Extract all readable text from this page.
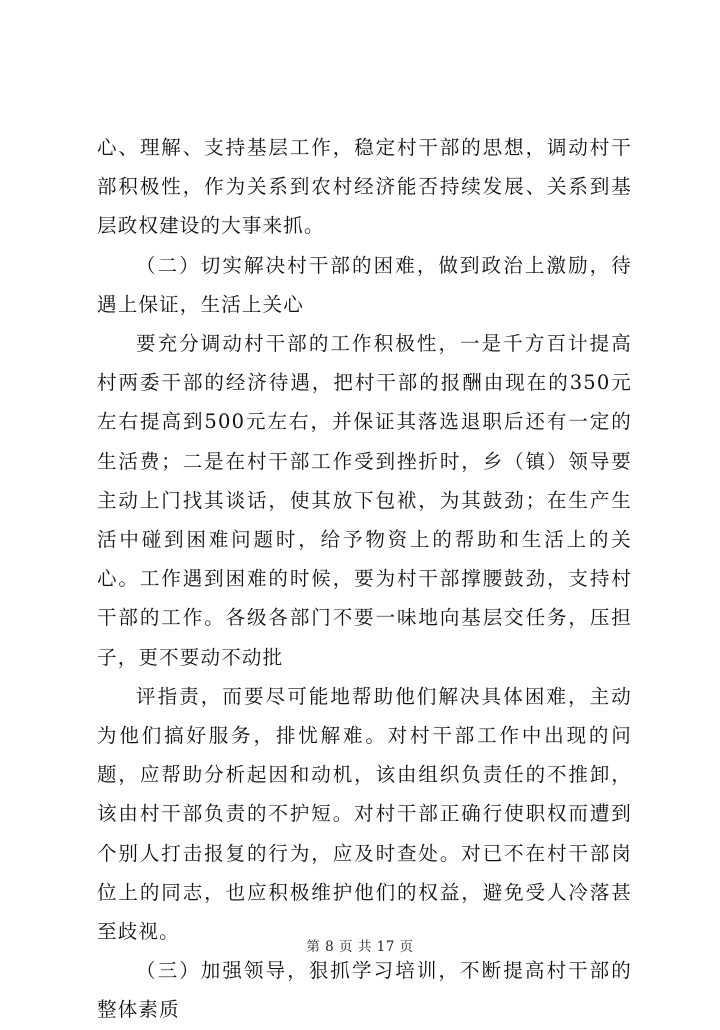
心、理解、支持基层工作，稳定村干部的思想，调动村干部积极性，作为关系到农村经济能否持续发展、关系到基层政权建设的大事来抓。

（二）切实解决村干部的困难，做到政治上激励，待遇上保证，生活上关心

要充分调动村干部的工作积极性，一是千方百计提高村两委干部的经济待遇，把村干部的报酬由现在的350元左右提高到500元左右，并保证其落选退职后还有一定的生活费；二是在村干部工作受到挫折时，乡（镇）领导要主动上门找其谈话，使其放下包袱，为其鼓劲；在生产生活中碰到困难问题时，给予物资上的帮助和生活上的关心。工作遇到困难的时候，要为村干部撑腰鼓劲，支持村干部的工作。各级各部门不要一味地向基层交任务，压担子，更不要动不动批

评指责，而要尽可能地帮助他们解决具体困难，主动为他们搞好服务，排忧解难。对村干部工作中出现的问题，应帮助分析起因和动机，该由组织负责任的不推卸，该由村干部负责的不护短。对村干部正确行使职权而遭到个别人打击报复的行为，应及时查处。对已不在村干部岗位上的同志，也应积极维护他们的权益，避免受人冷落甚至歧视。

（三）加强领导，狠抓学习培训，不断提高村干部的整体素质

第 8 页 共 17 页
